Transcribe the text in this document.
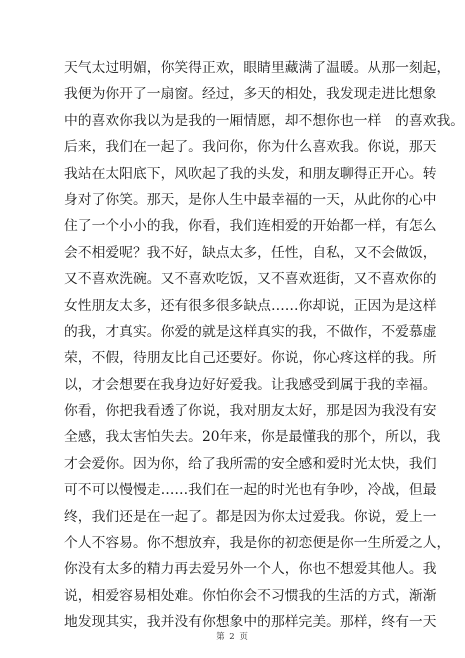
天气太过明媚，你笑得正欢，眼睛里藏满了温暖。从那一刻起，
我便为你开了一扇窗。经过，多天的相处，我发现走进比想象
中的喜欢你我以为是我的一厢情愿，却不想你也一样　的喜欢我。
后来，我们在一起了。我问你，你为什么喜欢我。你说，那天
我站在太阳底下，风吹起了我的头发，和朋友聊得正开心。转
身对了你笑。那天，是你人生中最幸福的一天，从此你的心中
住了一个小小的我，你看，我们连相爱的开始都一样，有怎么
会不相爱呢？我不好，缺点太多，任性，自私，又不会做饭，
又不喜欢洗碗。又不喜欢吃饭，又不喜欢逛街，又不喜欢你的
女性朋友太多，还有很多很多缺点……你却说，正因为是这样
的我，才真实。你爱的就是这样真实的我，不做作，不爱慕虚
荣，不假，待朋友比自己还要好。你说，你心疼这样的我。所
以，才会想要在我身边好好爱我。让我感受到属于我的幸福。
你看，你把我看透了你说，我对朋友太好，那是因为我没有安
全感，我太害怕失去。20年来，你是最懂我的那个，所以，我
才会爱你。因为你，给了我所需的安全感和爱时光太快，我们
可不可以慢慢走……我们在一起的时光也有争吵，冷战，但最
终，我们还是在一起了。都是因为你太过爱我。你说，爱上一
个人不容易。你不想放弃，我是你的初恋便是你一生所爱之人，
你没有太多的精力再去爱另外一个人，你也不想爱其他人。我
说，相爱容易相处难。你怕你会不习惯我的生活的方式，渐渐
地发现其实，我并没有你想象中的那样完美。那样，终有一天
第 2 页
